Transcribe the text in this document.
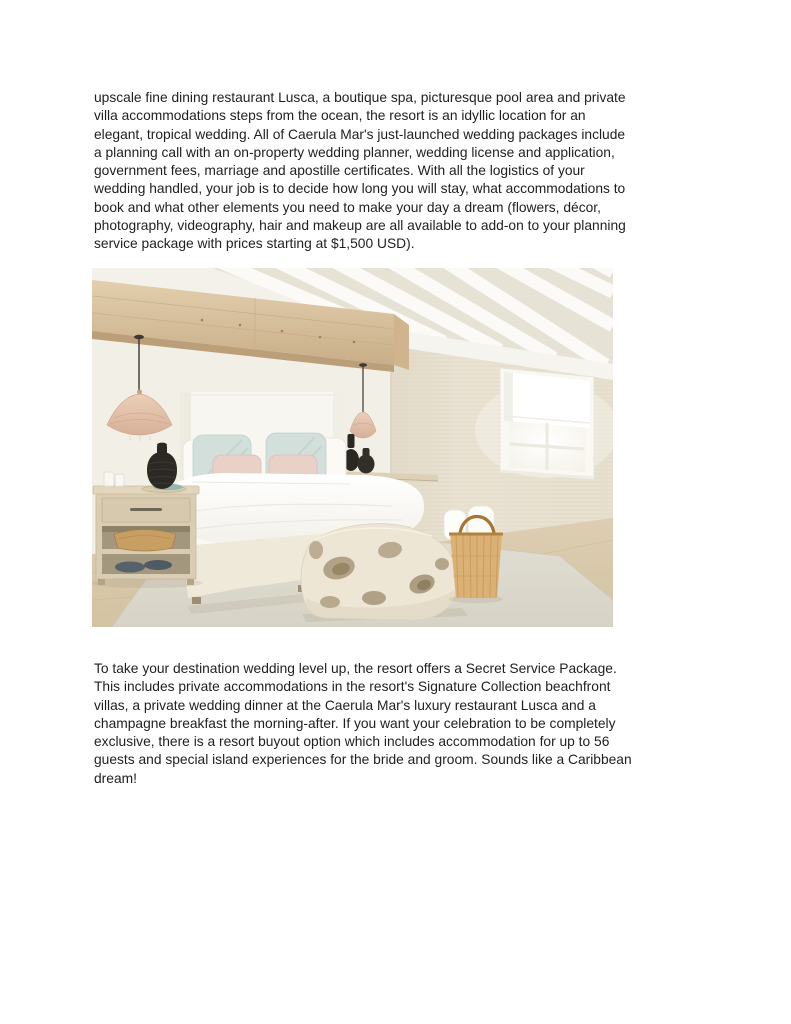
upscale fine dining restaurant Lusca, a boutique spa, picturesque pool area and private
villa accommodations steps from the ocean, the resort is an idyllic location for an
elegant, tropical wedding. All of Caerula Mar's just-launched wedding packages include
a planning call with an on-property wedding planner, wedding license and application,
government fees, marriage and apostille certificates. With all the logistics of your
wedding handled, your job is to decide how long you will stay, what accommodations to
book and what other elements you need to make your day a dream (flowers, décor,
photography, videography, hair and makeup are all available to add-on to your planning
service package with prices starting at $1,500 USD).
To take your destination wedding level up, the resort offers a Secret Service Package.
This includes private accommodations in the resort's Signature Collection beachfront
villas, a private wedding dinner at the Caerula Mar's luxury restaurant Lusca and a
champagne breakfast the morning-after. If you want your celebration to be completely
exclusive, there is a resort buyout option which includes accommodation for up to 56
guests and special island experiences for the bride and groom. Sounds like a Caribbean
dream!
